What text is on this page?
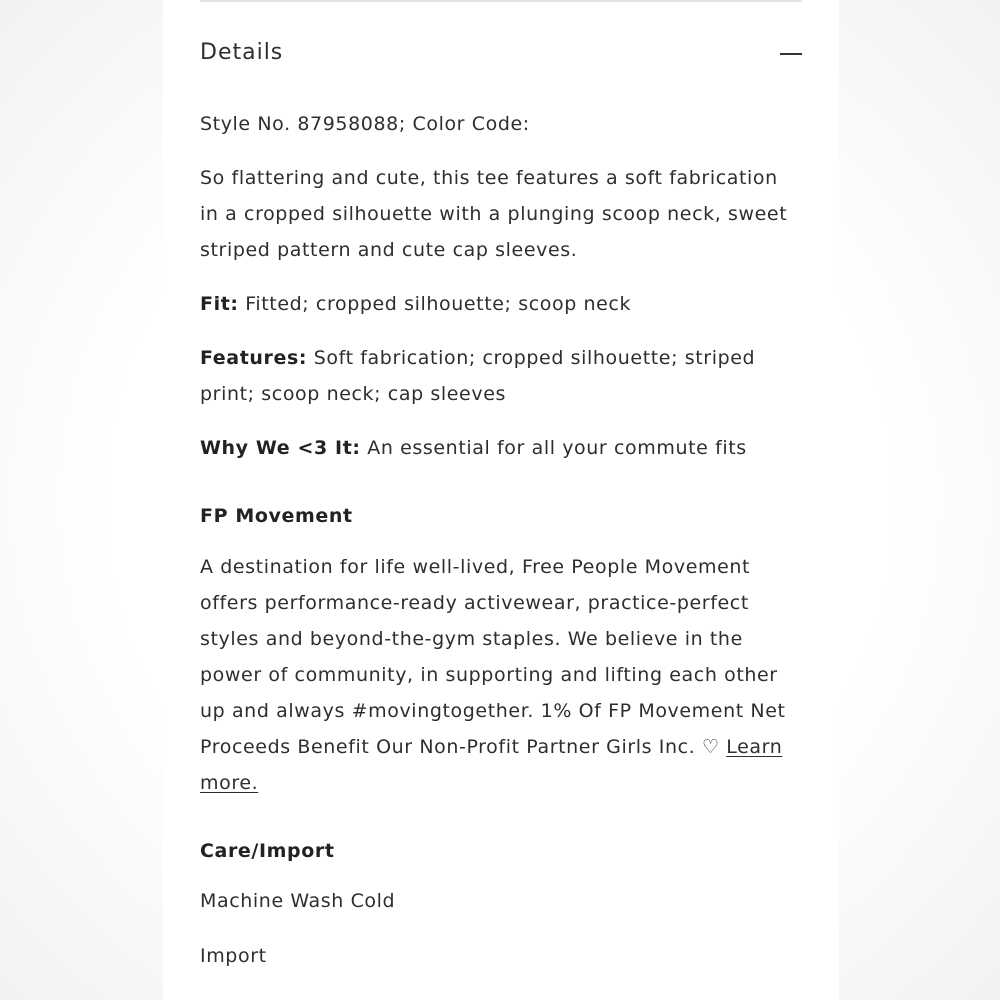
Details
Style No. 87958088; Color Code:
So flattering and cute, this tee features a soft fabrication in a cropped silhouette with a plunging scoop neck, sweet striped pattern and cute cap sleeves.
Fit: Fitted; cropped silhouette; scoop neck
Features: Soft fabrication; cropped silhouette; striped print; scoop neck; cap sleeves
Why We <3 It: An essential for all your commute fits
FP Movement
A destination for life well-lived, Free People Movement offers performance-ready activewear, practice-perfect styles and beyond-the-gym staples. We believe in the power of community, in supporting and lifting each other up and always #movingtogether. 1% Of FP Movement Net Proceeds Benefit Our Non-Profit Partner Girls Inc. ♡ Learn more.
Care/Import
Machine Wash Cold
Import
